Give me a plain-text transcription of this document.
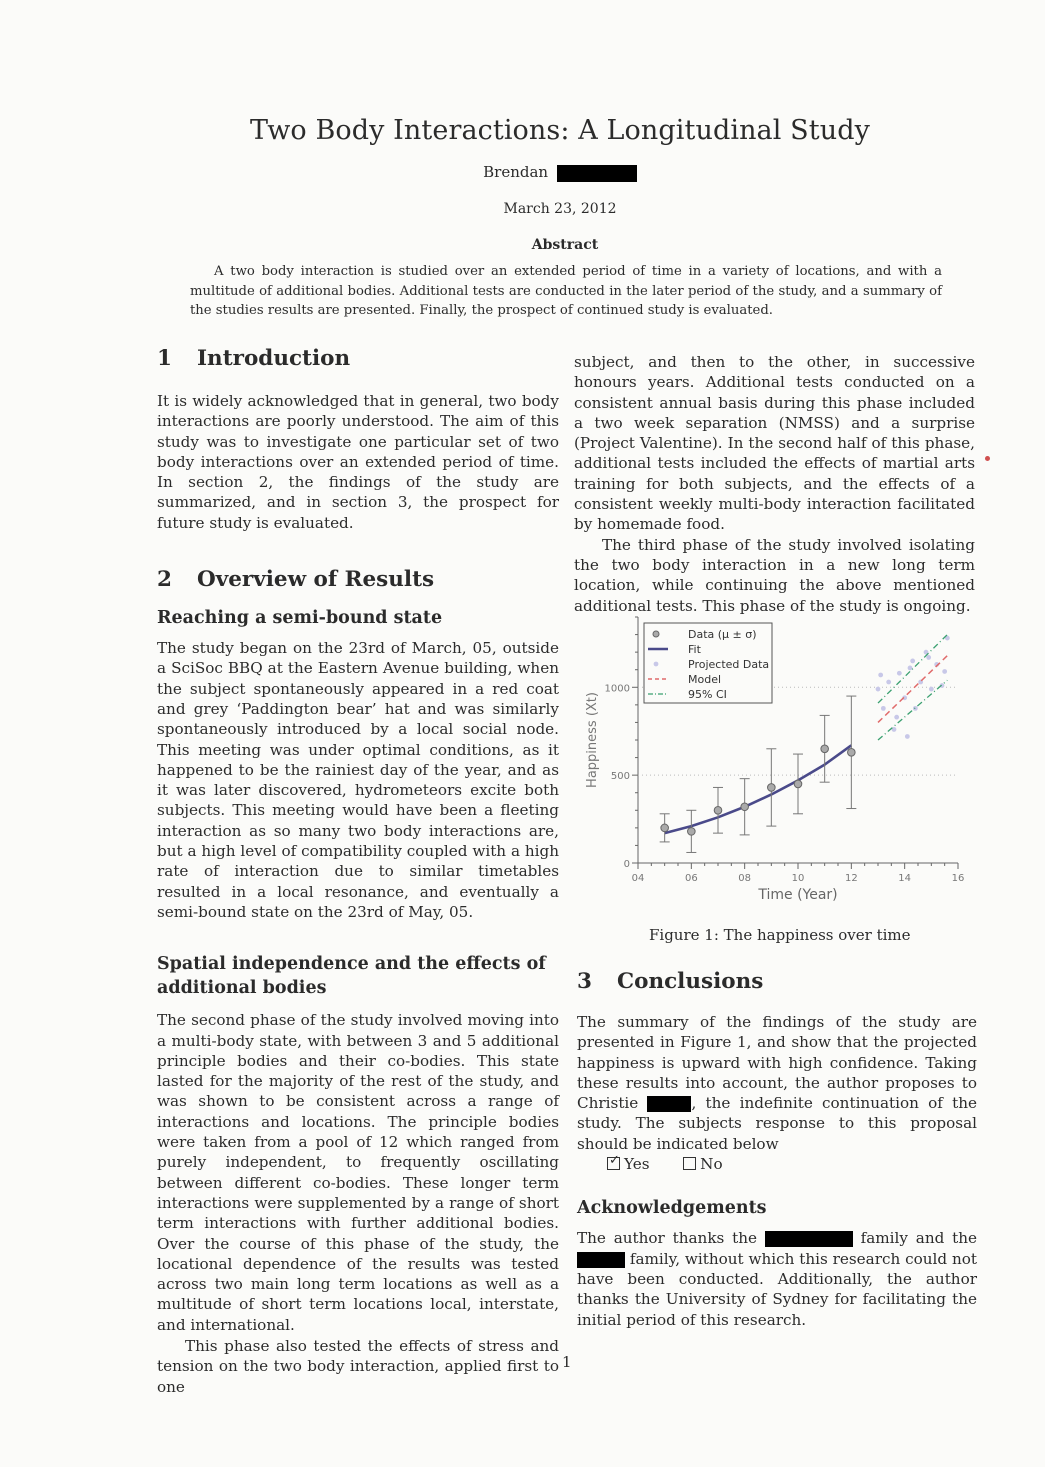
Two Body Interactions: A Longitudinal Study
Brendan
March 23, 2012
Abstract
A two body interaction is studied over an extended period of time in a variety of locations, and with a multitude of additional bodies. Additional tests are conducted in the later period of the study, and a summary of the studies results are presented. Finally, the prospect of continued study is evaluated.
1 Introduction

It is widely acknowledged that in general, two body interactions are poorly understood. The aim of this study was to investigate one particular set of two body interactions over an extended period of time. In section 2, the findings of the study are summarized, and in section 3, the prospect for future study is evaluated.

2 Overview of Results
Reaching a semi-bound state

The study began on the 23rd of March, 05, outside a SciSoc BBQ at the Eastern Avenue building, when the subject spontaneously appeared in a red coat and grey ‘Paddington bear’ hat and was similarly spontaneously introduced by a local social node. This meeting was under optimal conditions, as it happened to be the rainiest day of the year, and as it was later discovered, hydrometeors excite both subjects. This meeting would have been a fleeting interaction as so many two body interactions are, but a high level of compatibility coupled with a high rate of interaction due to similar timetables resulted in a local resonance, and eventually a semi-bound state on the 23rd of May, 05.

Spatial independence and the effects of additional bodies

The second phase of the study involved moving into a multi-body state, with between 3 and 5 additional principle bodies and their co-bodies. This state lasted for the majority of the rest of the study, and was shown to be consistent across a range of interactions and locations. The principle bodies were taken from a pool of 12 which ranged from purely independent, to frequently oscillating between different co-bodies. These longer term interactions were supplemented by a range of short term interactions with further additional bodies. Over the course of this phase of the study, the locational dependence of the results was tested across two main long term locations as well as a multitude of short term locations local, interstate, and international.

This phase also tested the effects of stress and tension on the two body interaction, applied first to one

subject, and then to the other, in successive honours years. Additional tests conducted on a consistent annual basis during this phase included a two week separation (NMSS) and a surprise (Project Valentine). In the second half of this phase, additional tests included the effects of martial arts training for both subjects, and the effects of a consistent weekly multi-body interaction facilitated by homemade food.

The third phase of the study involved isolating the two body interaction in a new long term location, while continuing the above mentioned additional tests. This phase of the study is ongoing.

04	06	08	10	12	14	16
0
500
1000
Time (Year)
Happiness (Xt)
Data (μ ± σ)
Fit
Projected Data
Model
95% CI
Figure 1: The happiness over time
3 Conclusions

The summary of the findings of the study are presented in Figure 1, and show that the projected happiness is upward with high confidence. Taking these results into account, the author proposes to Christie	, the indefinite continuation of the study. The subjects response to this proposal should be indicated below

✓ Yes	No
Acknowledgements

The author thanks the	family and the  family, without which this research could not have been conducted. Additionally, the author thanks the University of Sydney for facilitating the initial period of this research.

1
